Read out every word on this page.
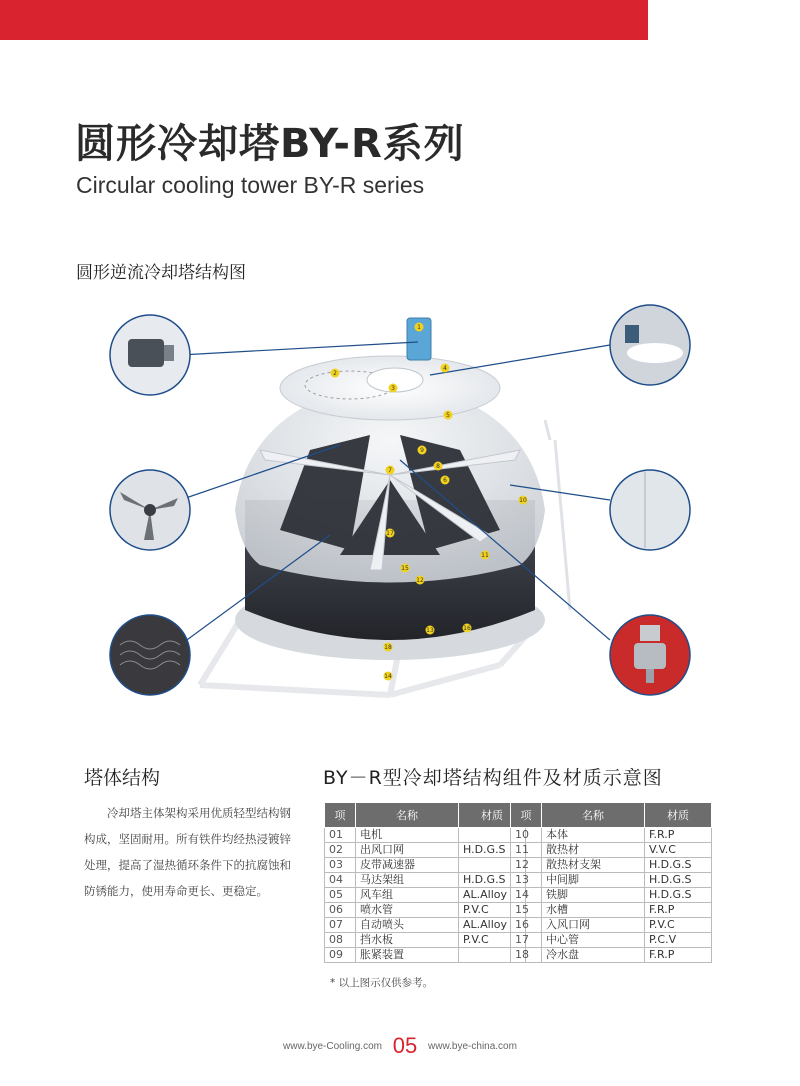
圆形冷却塔BY-R系列
Circular cooling tower BY-R series
圆形逆流冷却塔结构图
1
2
3
4
5
6
7
8
9
10
11
12
13
14
15
16
17
18
塔体结构	BY－R型冷却塔结构组件及材质示意图
冷却塔主体架构采用优质轻型结构钢构成，坚固耐用。所有铁件均经热浸镀锌处理，提高了湿热循环条件下的抗腐蚀和防锈能力，使用寿命更长、更稳定。
项	名称	材质
01	电机	
02	出风口网	H.D.G.S
03	皮带减速器	
04	马达架组	H.D.G.S
05	风车组	AL.Alloy
06	喷水管	P.V.C
07	自动喷头	AL.Alloy
08	挡水板	P.V.C
09	胀紧装置	
项	名称	材质
10	本体	F.R.P
11	散热材	V.V.C
12	散热材支架	H.D.G.S
13	中间脚	H.D.G.S
14	铁脚	H.D.G.S
15	水槽	F.R.P
16	入风口网	P.V.C
17	中心管	P.C.V
18	冷水盘	F.R.P
* 以上图示仅供参考。
www.bye-Cooling.com 05 www.bye-china.com
